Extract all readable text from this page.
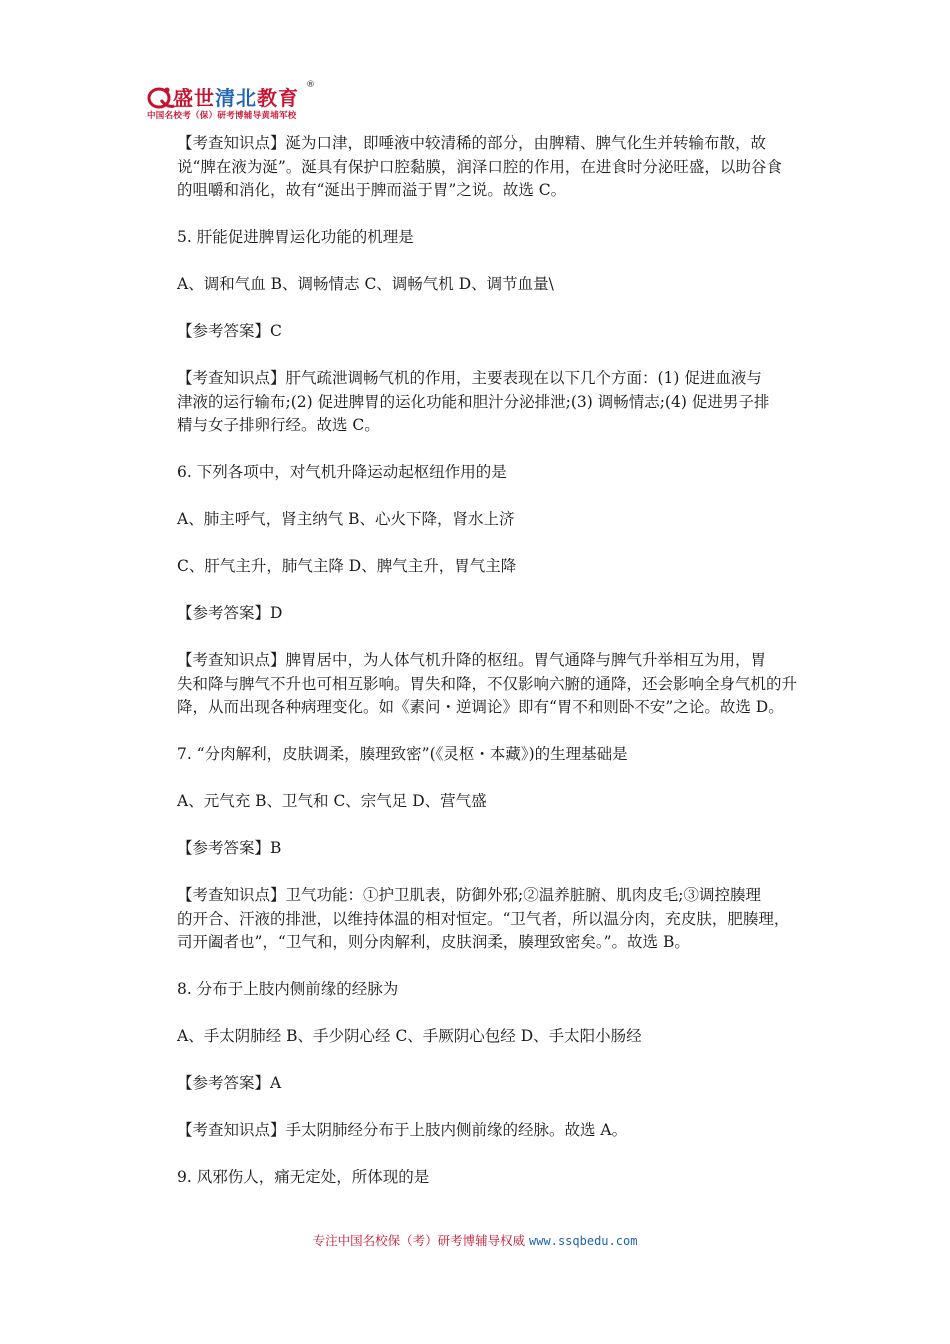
盛世清北教育
®
中国名校考（保）研考博辅导黄埔军校

【考查知识点】涎为口津，即唾液中较清稀的部分，由脾精、脾气化生并转输布散，故

说“脾在液为涎”。涎具有保护口腔黏膜，润泽口腔的作用，在进食时分泌旺盛，以助谷食

的咀嚼和消化，故有“涎出于脾而溢于胃”之说。故选 C。

5. 肝能促进脾胃运化功能的机理是

A、调和气血 B、调畅情志 C、调畅气机 D、调节血量\

【参考答案】C

【考查知识点】肝气疏泄调畅气机的作用，主要表现在以下几个方面：(1) 促进血液与

津液的运行输布;(2) 促进脾胃的运化功能和胆汁分泌排泄;(3) 调畅情志;(4) 促进男子排

精与女子排卵行经。故选 C。

6. 下列各项中，对气机升降运动起枢纽作用的是

A、肺主呼气，肾主纳气 B、心火下降，肾水上济

C、肝气主升，肺气主降 D、脾气主升，胃气主降

【参考答案】D

【考查知识点】脾胃居中，为人体气机升降的枢纽。胃气通降与脾气升举相互为用，胃

失和降与脾气不升也可相互影响。胃失和降，不仅影响六腑的通降，还会影响全身气机的升

降，从而出现各种病理变化。如《素问・逆调论》即有“胃不和则卧不安”之论。故选 D。

7. “分肉解利，皮肤调柔，腠理致密”(《灵枢・本藏》)的生理基础是

A、元气充 B、卫气和 C、宗气足 D、营气盛

【参考答案】B

【考查知识点】卫气功能：①护卫肌表，防御外邪;②温养脏腑、肌肉皮毛;③调控腠理

的开合、汗液的排泄，以维持体温的相对恒定。“卫气者，所以温分肉，充皮肤，肥腠理，

司开阖者也”，“卫气和，则分肉解利，皮肤润柔，腠理致密矣。”。故选 B。

8. 分布于上肢内侧前缘的经脉为

A、手太阴肺经 B、手少阴心经 C、手厥阴心包经 D、手太阳小肠经

【参考答案】A

【考查知识点】手太阴肺经分布于上肢内侧前缘的经脉。故选 A。

9. 风邪伤人，痛无定处，所体现的是

专注中国名校保（考）研考博辅导权威 www.ssqbedu.com
